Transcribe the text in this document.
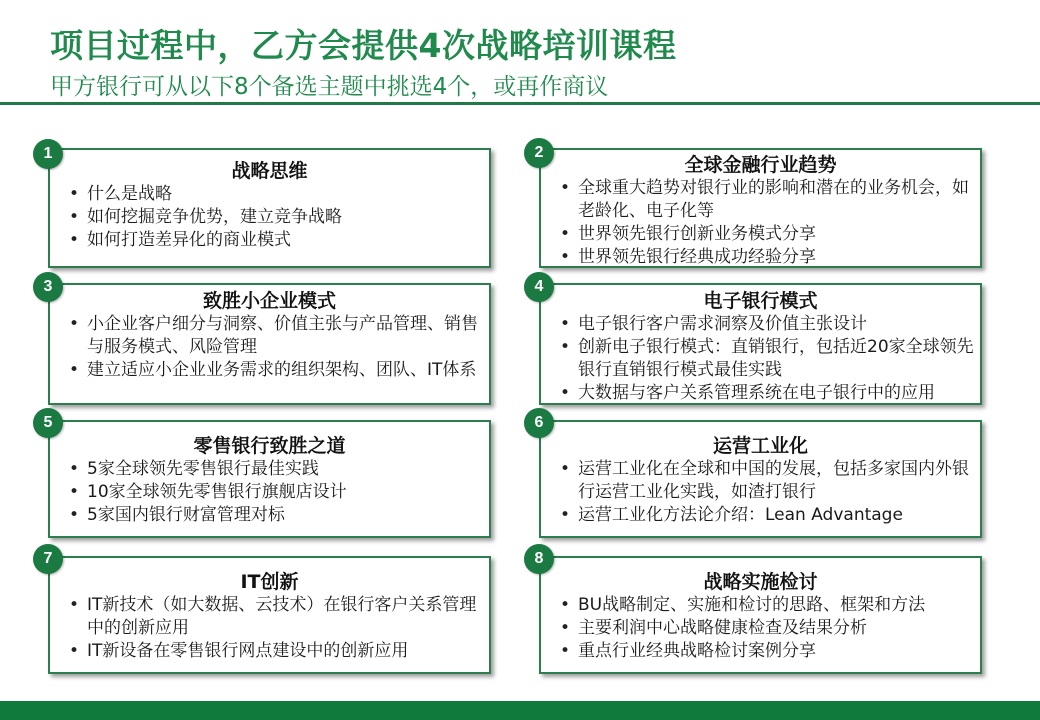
项目过程中，乙方会提供4次战略培训课程
甲方银行可从以下8个备选主题中挑选4个，或再作商议
战略思维
• 什么是战略
• 如何挖掘竞争优势，建立竞争战略
• 如何打造差异化的商业模式
1
全球金融行业趋势
• 全球重大趋势对银行业的影响和潜在的业务机会，如老龄化、电子化等
• 世界领先银行创新业务模式分享
• 世界领先银行经典成功经验分享
2
致胜小企业模式
• 小企业客户细分与洞察、价值主张与产品管理、销售与服务模式、风险管理
• 建立适应小企业业务需求的组织架构、团队、IT体系
3
电子银行模式
• 电子银行客户需求洞察及价值主张设计
• 创新电子银行模式：直销银行，包括近20家全球领先银行直销银行模式最佳实践
• 大数据与客户关系管理系统在电子银行中的应用
4
零售银行致胜之道
• 5家全球领先零售银行最佳实践
• 10家全球领先零售银行旗舰店设计
• 5家国内银行财富管理对标
5
运营工业化
• 运营工业化在全球和中国的发展，包括多家国内外银行运营工业化实践，如渣打银行
• 运营工业化方法论介绍：Lean Advantage
6
IT创新
• IT新技术（如大数据、云技术）在银行客户关系管理中的创新应用
• IT新设备在零售银行网点建设中的创新应用
7
战略实施检讨
• BU战略制定、实施和检讨的思路、框架和方法
• 主要利润中心战略健康检查及结果分析
• 重点行业经典战略检讨案例分享
8
